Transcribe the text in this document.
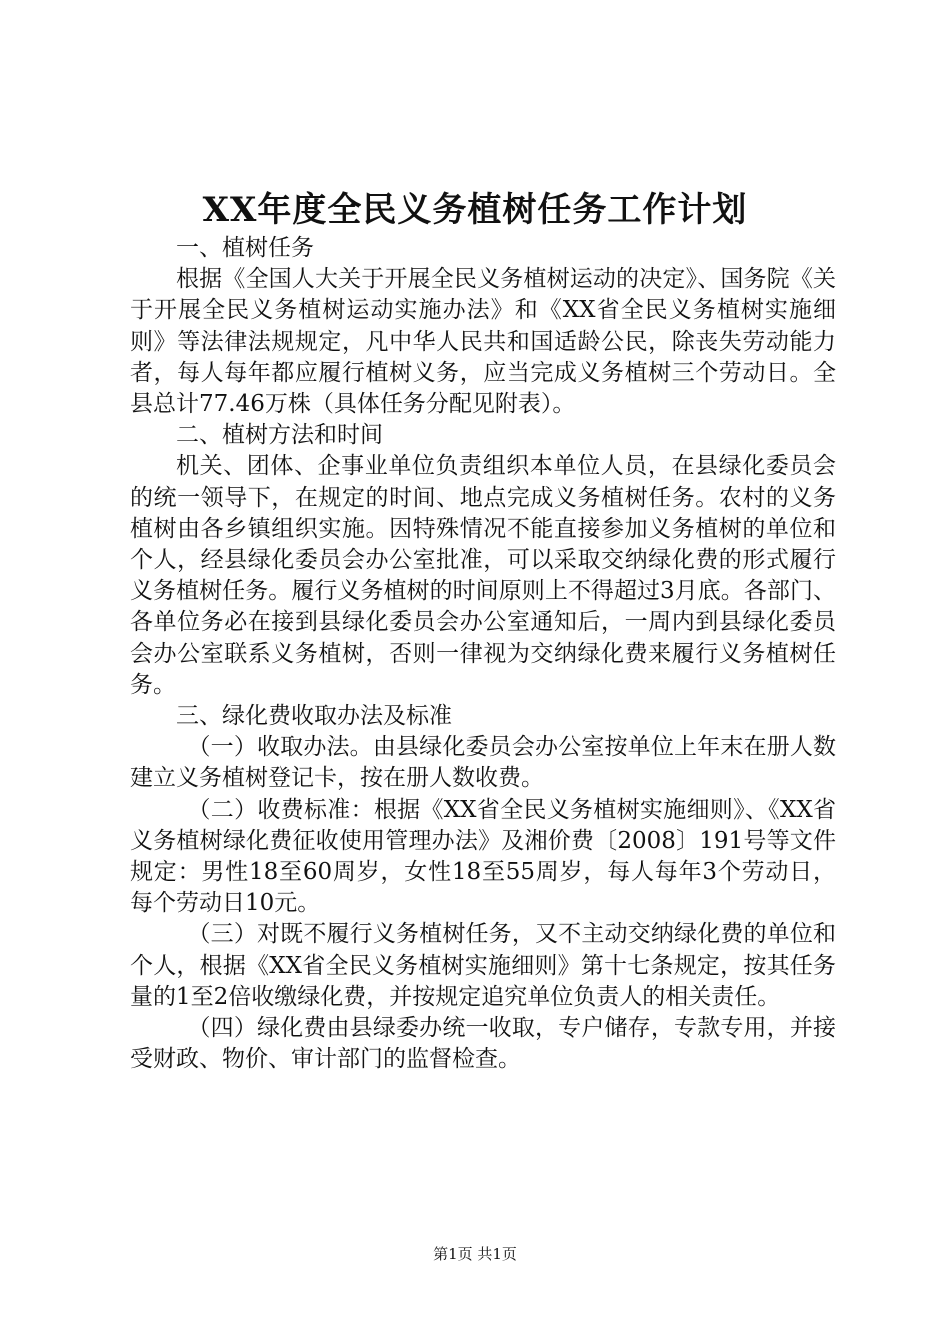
XX年度全民义务植树任务工作计划

一、植树任务

根据《全国人大关于开展全民义务植树运动的决定》、国务院《关于开展全民义务植树运动实施办法》和《XX省全民义务植树实施细则》等法律法规规定，凡中华人民共和国适龄公民，除丧失劳动能力者，每人每年都应履行植树义务，应当完成义务植树三个劳动日。全县总计77.46万株（具体任务分配见附表）。

二、植树方法和时间

机关、团体、企事业单位负责组织本单位人员，在县绿化委员会的统一领导下，在规定的时间、地点完成义务植树任务。农村的义务植树由各乡镇组织实施。因特殊情况不能直接参加义务植树的单位和个人，经县绿化委员会办公室批准，可以采取交纳绿化费的形式履行义务植树任务。履行义务植树的时间原则上不得超过3月底。各部门、各单位务必在接到县绿化委员会办公室通知后，一周内到县绿化委员会办公室联系义务植树，否则一律视为交纳绿化费来履行义务植树任务。

三、绿化费收取办法及标准

（一）收取办法。由县绿化委员会办公室按单位上年末在册人数建立义务植树登记卡，按在册人数收费。

（二）收费标准：根据《XX省全民义务植树实施细则》、《XX省义务植树绿化费征收使用管理办法》及湘价费〔2008〕191号等文件规定：男性18至60周岁，女性18至55周岁，每人每年3个劳动日，每个劳动日10元。

（三）对既不履行义务植树任务，又不主动交纳绿化费的单位和个人，根据《XX省全民义务植树实施细则》第十七条规定，按其任务量的1至2倍收缴绿化费，并按规定追究单位负责人的相关责任。

（四）绿化费由县绿委办统一收取，专户储存，专款专用，并接受财政、物价、审计部门的监督检查。

第1页 共1页
